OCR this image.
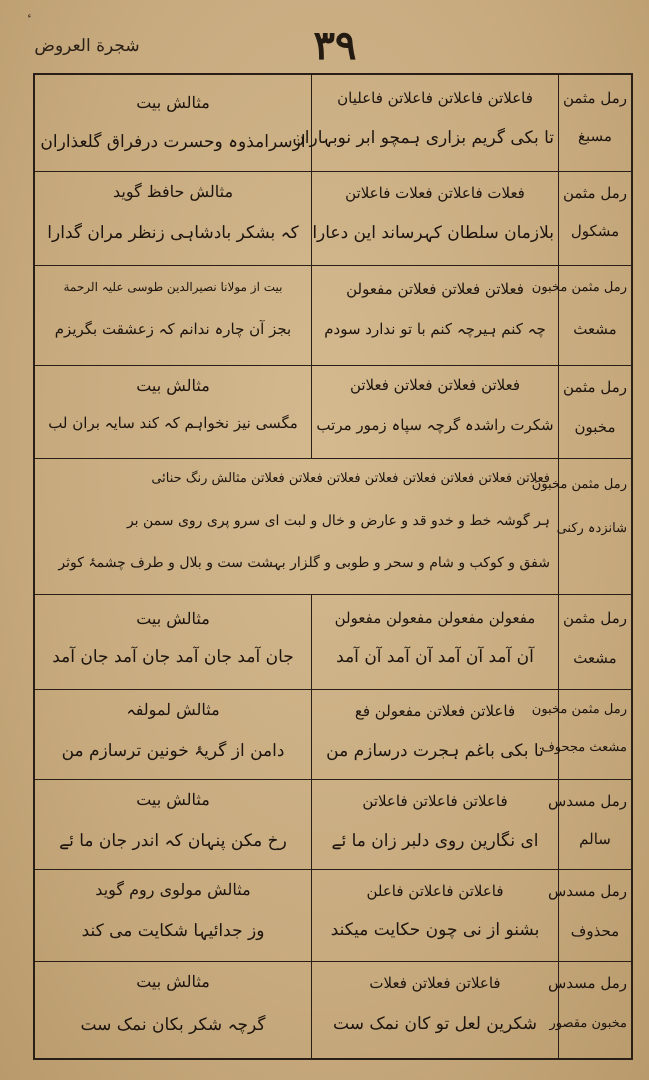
شجرة العروض	٣٩
رمل مثمن
مسبغ
فاعلاتن فاعلاتن فاعلاتن فاعلیان
تا بکی گریم بزاری ہمچو ابر نوبہاران
مثالش بیت
ازسرامذوہ وحسرت درفراق گلعذاران
رمل مثمن
مشکول
فعلات فاعلاتن فعلات فاعلاتن
بلازمان سلطان کہرساند این دعارا
مثالش حافظ گوید
کہ بشکر بادشاہی زنظر مران گدارا
رمل مثمن مخبون
مشعث
فعلاتن فعلاتن فعلاتن مفعولن
چہ کنم ہیرچہ کنم با تو ندارد سودم
بیت از مولانا نصیرالدین طوسی علیہ الرحمة
بجز آن چارہ ندانم کہ زعشقت بگریزم
رمل مثمن
مخبون
فعلاتن فعلاتن فعلاتن فعلاتن
شکرت راشدہ گرچہ سپاہ زمور مرتب
مثالش بیت
مگسی نیز نخواہم کہ کند سایہ بران لب
رمل مثمن مخبون
شانزدہ رکنی
فعلاتن فعلاتن فعلاتن فعلاتن فعلاتن فعلاتن فعلاتن فعلاتن مثالش رنگ حنائی
ہر گوشہ خط و خدو قد و عارض و خال و لبت ای سرو پری روی سمن بر
شفق و کوکب و شام و سحر و طوبی و گلزار بہشت ست و بلال و طرف چشمۂ کوثر
رمل مثمن
مشعث
مفعولن مفعولن مفعولن مفعولن
آن آمد آن آمد آن آمد آن آمد
مثالش بیت
جان آمد جان آمد جان آمد جان آمد
رمل مثمن مخبون
مشعث مجحوف
فاعلاتن فعلاتن مفعولن فع
تا بکی باغم ہجرت درسازم من
مثالش لمولفہ
دامن از گریۂ خونین ترسازم من
رمل مسدس
سالم
فاعلاتن فاعلاتن فاعلاتن
ای نگارین روی دلبر زان ما ئے
مثالش بیت
رخ مکن پنہان کہ اندر جان ما ئے
رمل مسدس
محذوف
فاعلاتن فاعلاتن فاعلن
بشنو از نی چون حکایت میکند
مثالش مولوی روم گوید
وز جدائیہا شکایت می کند
رمل مسدس
مخبون مقصور
فاعلاتن فعلاتن فعلات
شکرین لعل تو کان نمک ست
مثالش بیت
گرچہ شکر بکان نمک ست
